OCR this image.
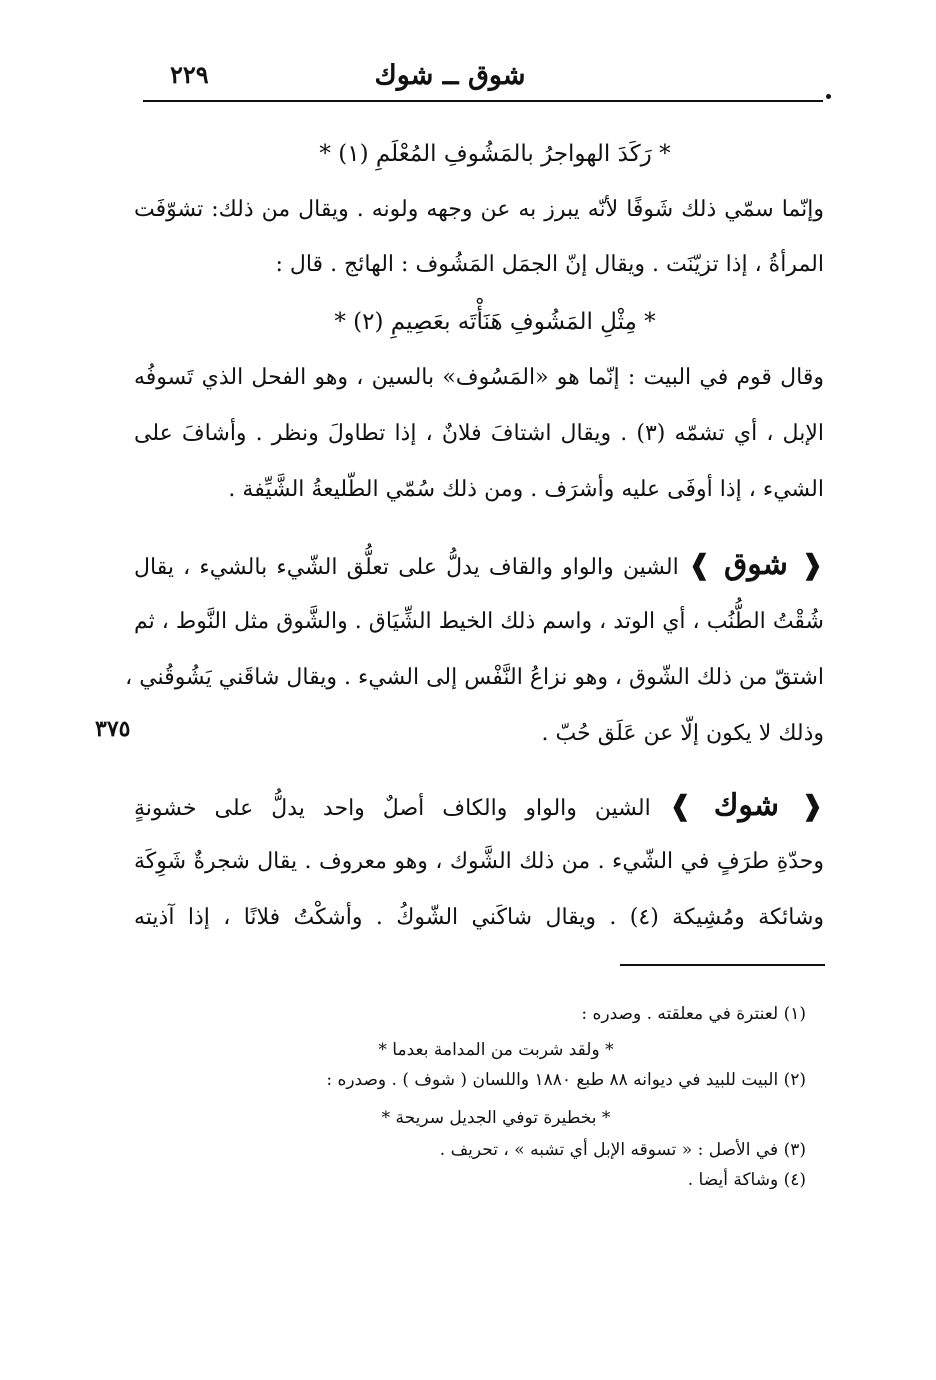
شوق ــ شوك
٢٢٩
* رَكَدَ الهواجرُ بالمَشُوفِ المُعْلَمِ (١) *
وإنّما سمّي ذلك شَوفًا لأنّه يبرز به عن وجهه ولونه . ويقال من ذلك: تشوّفَت
المرأةُ ، إذا تزيّنَت . ويقال إنّ الجمَل المَشُوف : الهائج . قال :
* مِثْلِ المَشُوفِ هَنَأْتَه بعَصِيمِ (٢) *
وقال قوم في البيت : إنّما هو «المَسُوف» بالسين ، وهو الفحل الذي تَسوفُه
الإبل ، أي تشمّه (٣) . ويقال اشتافَ فلانٌ ، إذا تطاولَ ونظر . وأشافَ على
الشيء ، إذا أوفَى عليه وأشرَف . ومن ذلك سُمّي الطّليعةُ الشَّيِّفة .
❰ شوق ❱ الشين والواو والقاف يدلُّ على تعلُّق الشّيء بالشيء ، يقال
شُقْتُ الطُّنُب ، أي الوتد ، واسم ذلك الخيط الشِّيَاق . والشَّوق مثل النَّوط ، ثم
اشتقّ من ذلك الشّوق ، وهو نزاعُ النَّفْس إلى الشيء . ويقال شاقَني يَشُوقُني ،
وذلك لا يكون إلّا عن عَلَق حُبّ .
٣٧٥
❰ شوك ❱ الشين والواو والكاف أصلٌ واحد يدلُّ على خشونةٍ
وحدّةِ طرَفٍ في الشّيء . من ذلك الشَّوك ، وهو معروف . يقال شجرةٌ شَوِكَة
وشائكة ومُشِيكة (٤) . ويقال شاكَني الشّوكُ . وأشكْتُ فلانًا ، إذا آذيته
(١) لعنترة في معلقته . وصدره :
* ولقد شربت من المدامة بعدما *
(٢) البيت للبيد في ديوانه ٨٨ طبع ١٨٨٠ واللسان ( شوف ) . وصدره :
* بخطيرة توفي الجديل سريحة *
(٣) في الأصل : « تسوقه الإبل أي تشبه » ، تحريف .
(٤) وشاكة أيضا .
